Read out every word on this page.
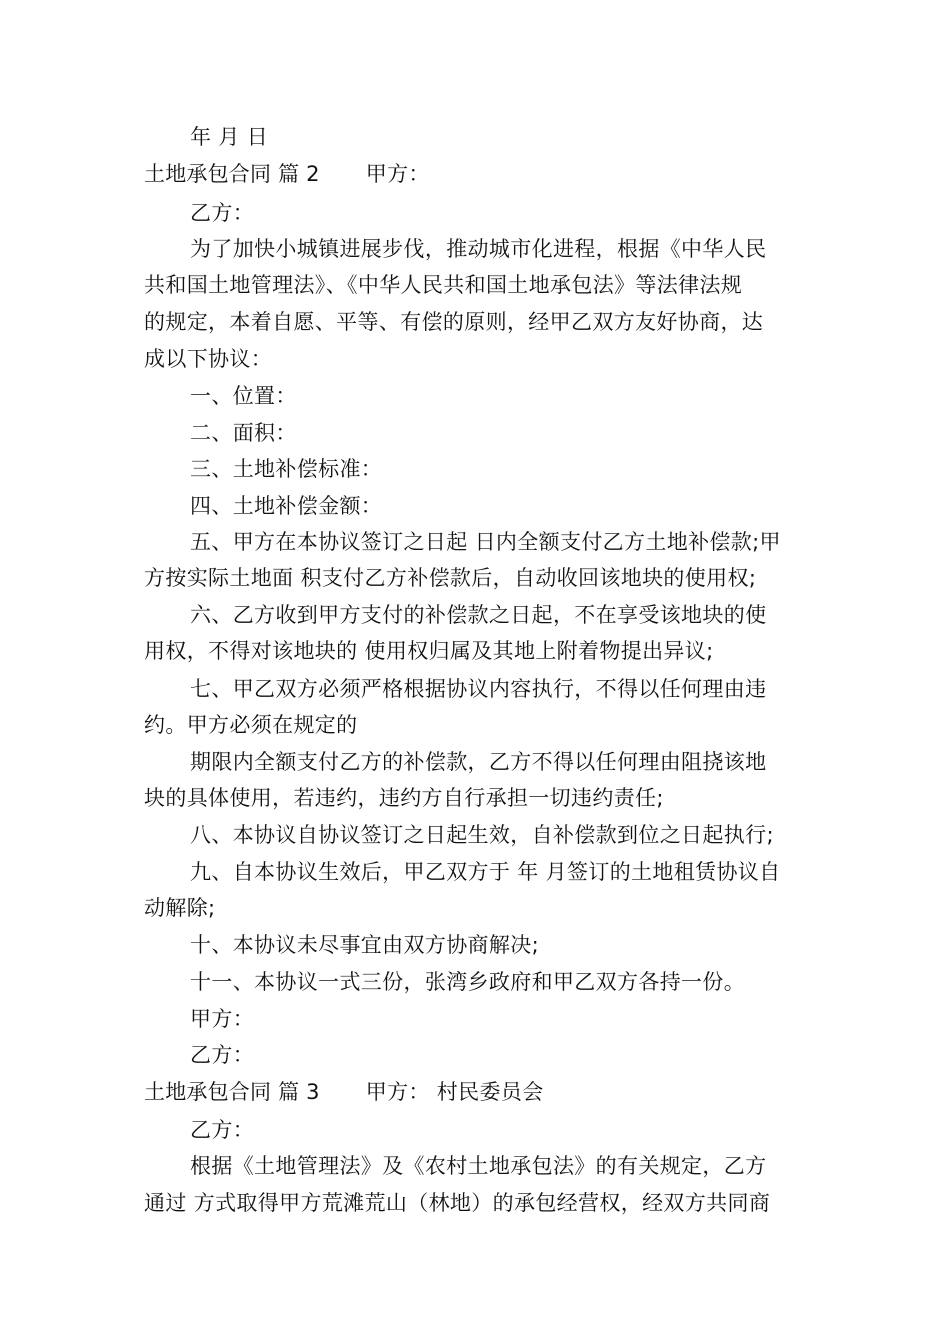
年 月 日
土地承包合同 篇 2 甲方：
乙方：
为了加快小城镇进展步伐，推动城市化进程，根据《中华人民
共和国土地管理法》、《中华人民共和国土地承包法》等法律法规
的规定，本着自愿、平等、有偿的原则，经甲乙双方友好协商，达
成以下协议：
一、位置：
二、面积：
三、土地补偿标准：
四、土地补偿金额：
五、甲方在本协议签订之日起 日内全额支付乙方土地补偿款;甲
方按实际土地面 积支付乙方补偿款后，自动收回该地块的使用权;
六、乙方收到甲方支付的补偿款之日起，不在享受该地块的使
用权，不得对该地块的 使用权归属及其地上附着物提出异议;
七、甲乙双方必须严格根据协议内容执行，不得以任何理由违
约。甲方必须在规定的
期限内全额支付乙方的补偿款，乙方不得以任何理由阻挠该地
块的具体使用，若违约，违约方自行承担一切违约责任;
八、本协议自协议签订之日起生效，自补偿款到位之日起执行;
九、自本协议生效后，甲乙双方于 年 月签订的土地租赁协议自
动解除;
十、本协议未尽事宜由双方协商解决;
十一、本协议一式三份，张湾乡政府和甲乙双方各持一份。
甲方：
乙方：
土地承包合同 篇 3 甲方： 村民委员会
乙方：
根据《土地管理法》及《农村土地承包法》的有关规定，乙方
通过 方式取得甲方荒滩荒山（林地）的承包经营权，经双方共同商
